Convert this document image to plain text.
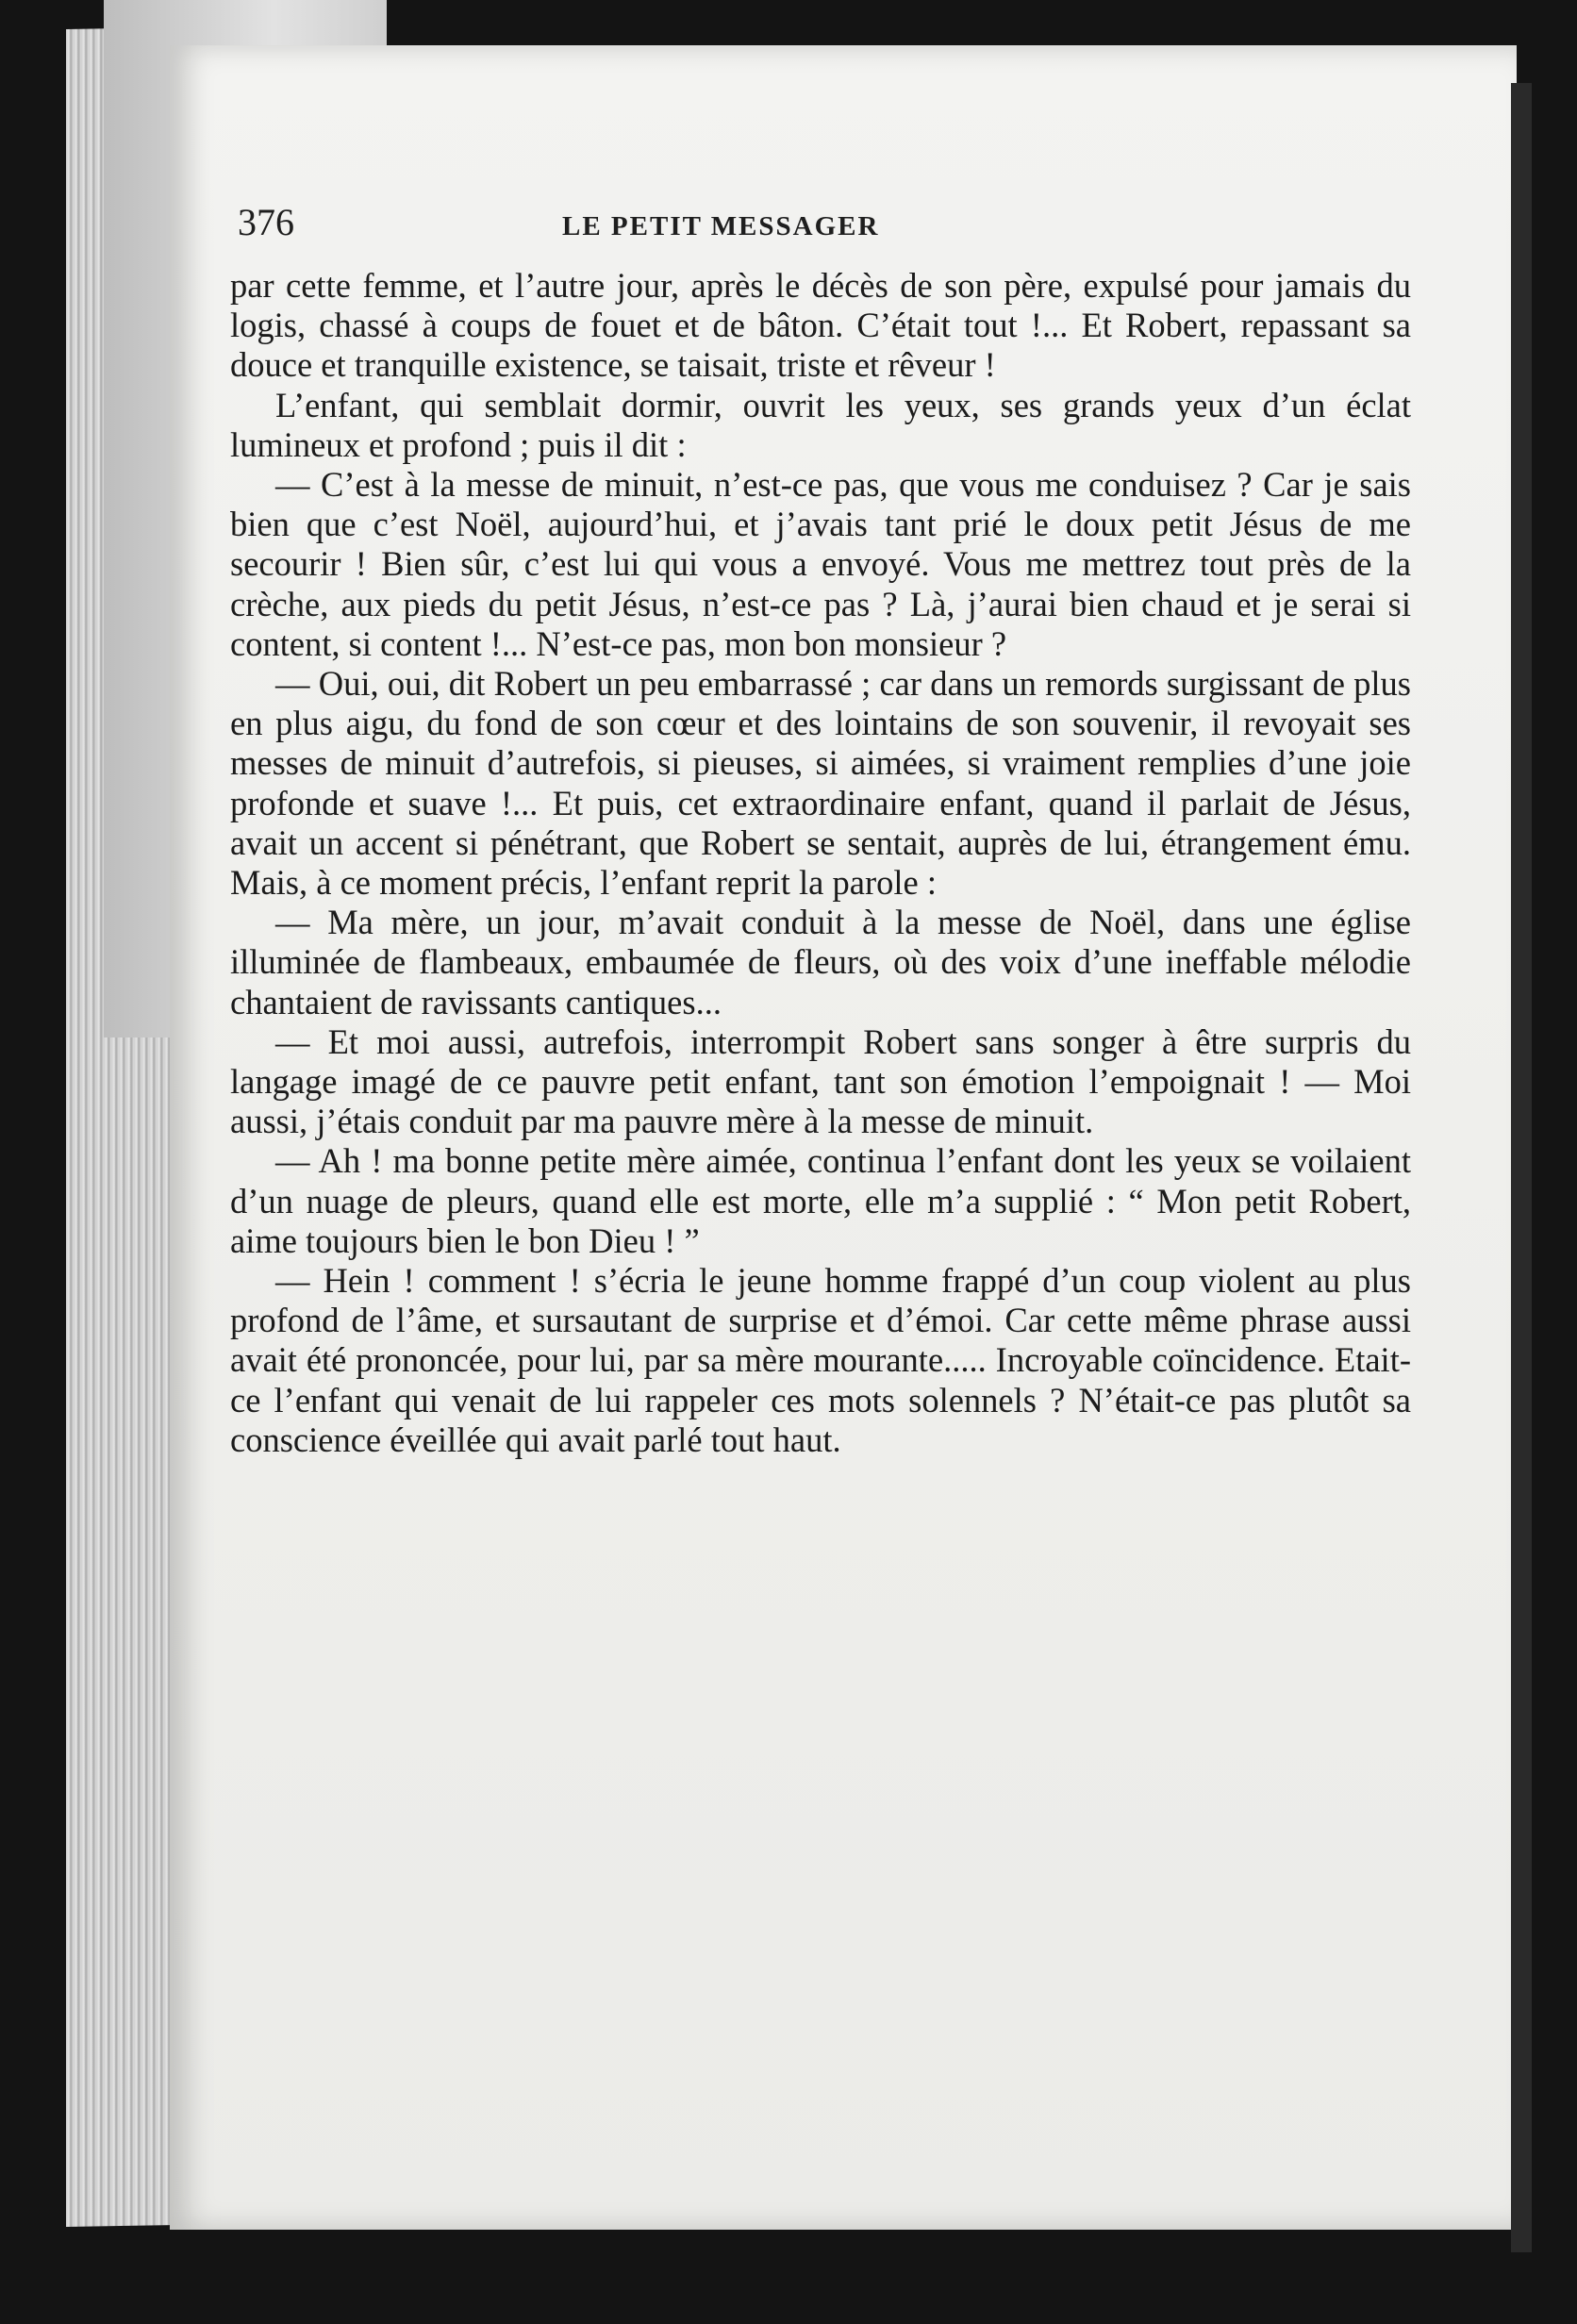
376	LE PETIT MESSAGER

par cette femme, et l’autre jour, après le décès de son père, expulsé pour jamais du logis, chassé à coups de fouet et de bâton. C’était tout !... Et Robert, repassant sa douce et tranquille existence, se taisait, triste et rêveur !

L’enfant, qui semblait dormir, ouvrit les yeux, ses grands yeux d’un éclat lumineux et profond ; puis il dit :

— C’est à la messe de minuit, n’est-ce pas, que vous me conduisez ? Car je sais bien que c’est Noël, aujourd’hui, et j’avais tant prié le doux petit Jésus de me secourir ! Bien sûr, c’est lui qui vous a envoyé. Vous me mettrez tout près de la crèche, aux pieds du petit Jésus, n’est-ce pas ? Là, j’aurai bien chaud et je serai si content, si content !... N’est-ce pas, mon bon monsieur ?

— Oui, oui, dit Robert un peu embarrassé ; car dans un remords surgissant de plus en plus aigu, du fond de son cœur et des lointains de son souvenir, il revoyait ses messes de minuit d’autrefois, si pieuses, si aimées, si vraiment remplies d’une joie profonde et suave !... Et puis, cet extraordinaire enfant, quand il parlait de Jésus, avait un accent si pénétrant, que Robert se sentait, auprès de lui, étrangement ému. Mais, à ce moment précis, l’enfant reprit la parole :

— Ma mère, un jour, m’avait conduit à la messe de Noël, dans une église illuminée de flambeaux, embaumée de fleurs, où des voix d’une ineffable mélodie chantaient de ravissants cantiques...

— Et moi aussi, autrefois, interrompit Robert sans songer à être surpris du langage imagé de ce pauvre petit enfant, tant son émotion l’empoignait ! — Moi aussi, j’étais conduit par ma pauvre mère à la messe de minuit.

— Ah ! ma bonne petite mère aimée, continua l’enfant dont les yeux se voilaient d’un nuage de pleurs, quand elle est morte, elle m’a supplié : “ Mon petit Robert, aime toujours bien le bon Dieu ! ”

— Hein ! comment ! s’écria le jeune homme frappé d’un coup violent au plus profond de l’âme, et sursautant de surprise et d’émoi. Car cette même phrase aussi avait été prononcée, pour lui, par sa mère mourante..... Incroyable coïncidence. Etait-ce l’enfant qui venait de lui rappeler ces mots solennels ? N’était-ce pas plutôt sa conscience éveillée qui avait parlé tout haut.
